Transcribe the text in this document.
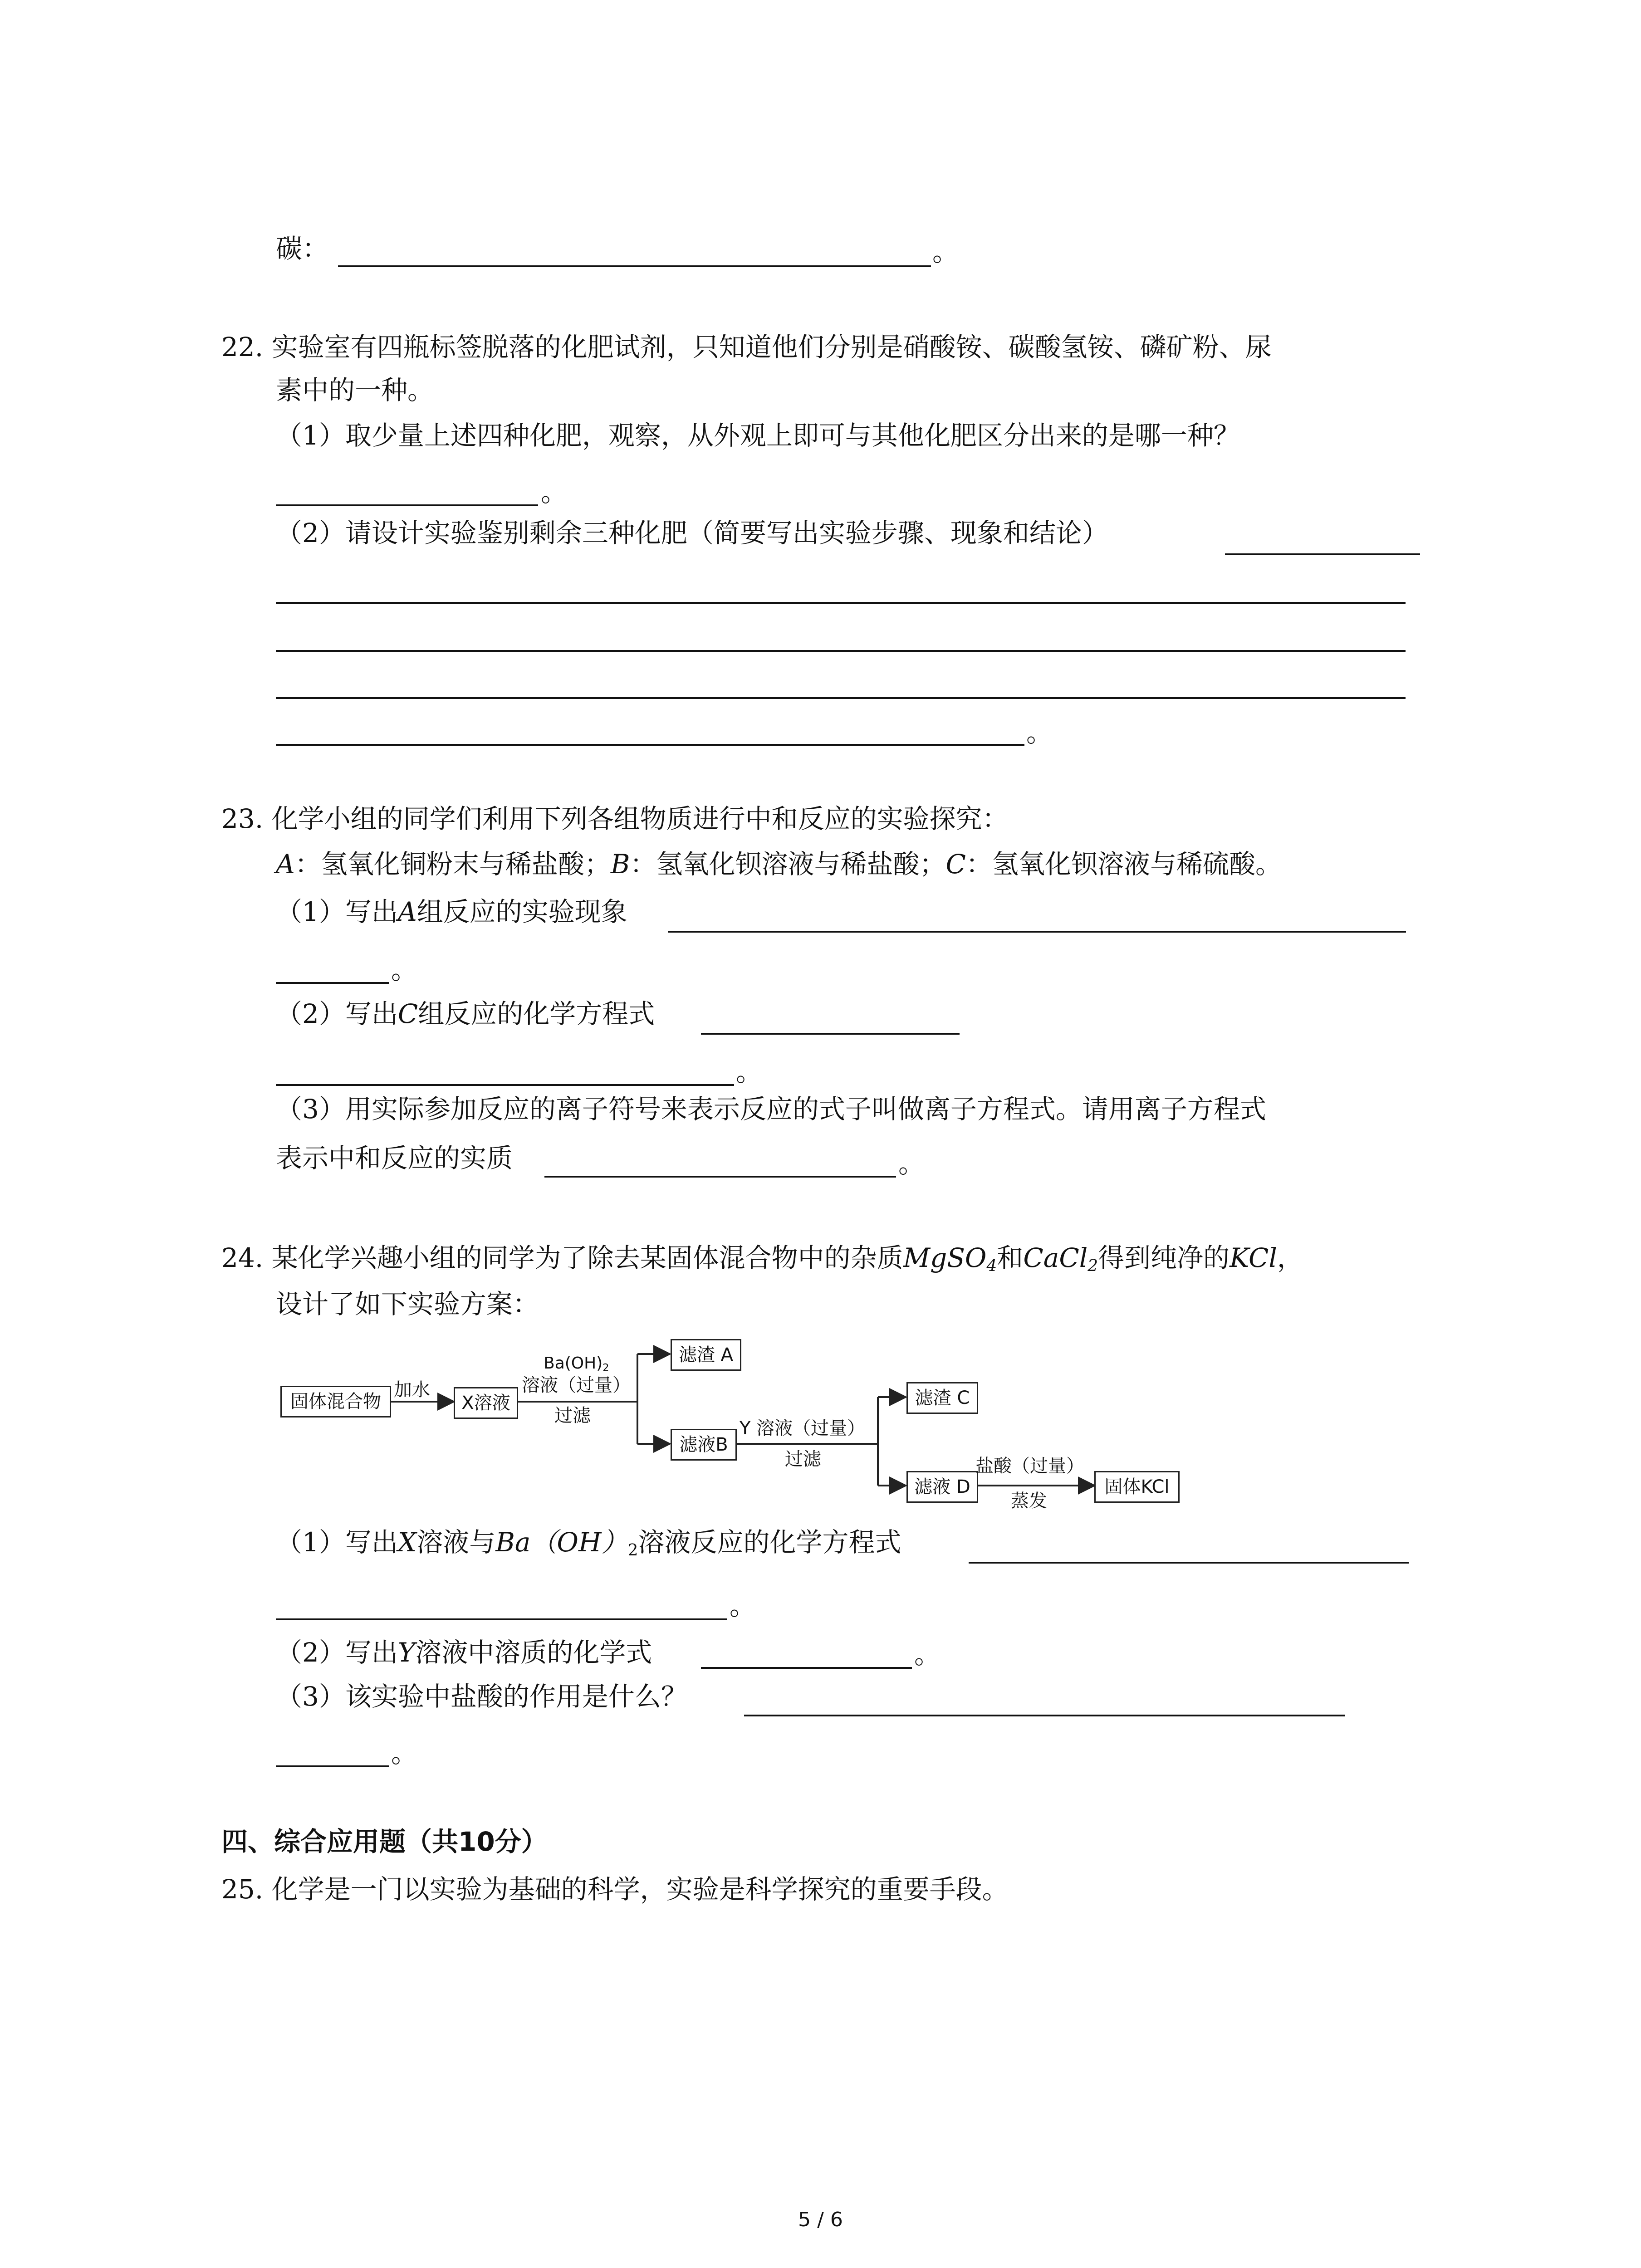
碳：	。
22. 实验室有四瓶标签脱落的化肥试剂，只知道他们分别是硝酸铵、碳酸氢铵、磷矿粉、尿
素中的一种。
（1）取少量上述四种化肥，观察，从外观上即可与其他化肥区分出来的是哪一种？
。
（2）请设计实验鉴别剩余三种化肥（简要写出实验步骤、现象和结论）
。
23. 化学小组的同学们利用下列各组物质进行中和反应的实验探究：
A：氢氧化铜粉末与稀盐酸；B：氢氧化钡溶液与稀盐酸；C：氢氧化钡溶液与稀硫酸。
（1）写出A组反应的实验现象
。
（2）写出C组反应的化学方程式
。
（3）用实际参加反应的离子符号来表示反应的式子叫做离子方程式。请用离子方程式
表示中和反应的实质	。
24. 某化学兴趣小组的同学为了除去某固体混合物中的杂质MgSO$_4$和CaCl$_2$得到纯净的KCl，
设计了如下实验方案：
固体混合物
加水
X溶液
$Ba(OH)_2$
溶液（过量）
过滤
滤渣 A
滤液B
Y 溶液（过量）
过滤
滤渣 C
滤液 D
盐酸（过量）
蒸发
固体KCl
（1）写出X溶液与$Ba(OH)_2$溶液反应的化学方程式
。
（2）写出Y溶液中溶质的化学式	。
（3）该实验中盐酸的作用是什么？
。
四、综合应用题（共10分）
25. 化学是一门以实验为基础的科学，实验是科学探究的重要手段。
5 / 6
